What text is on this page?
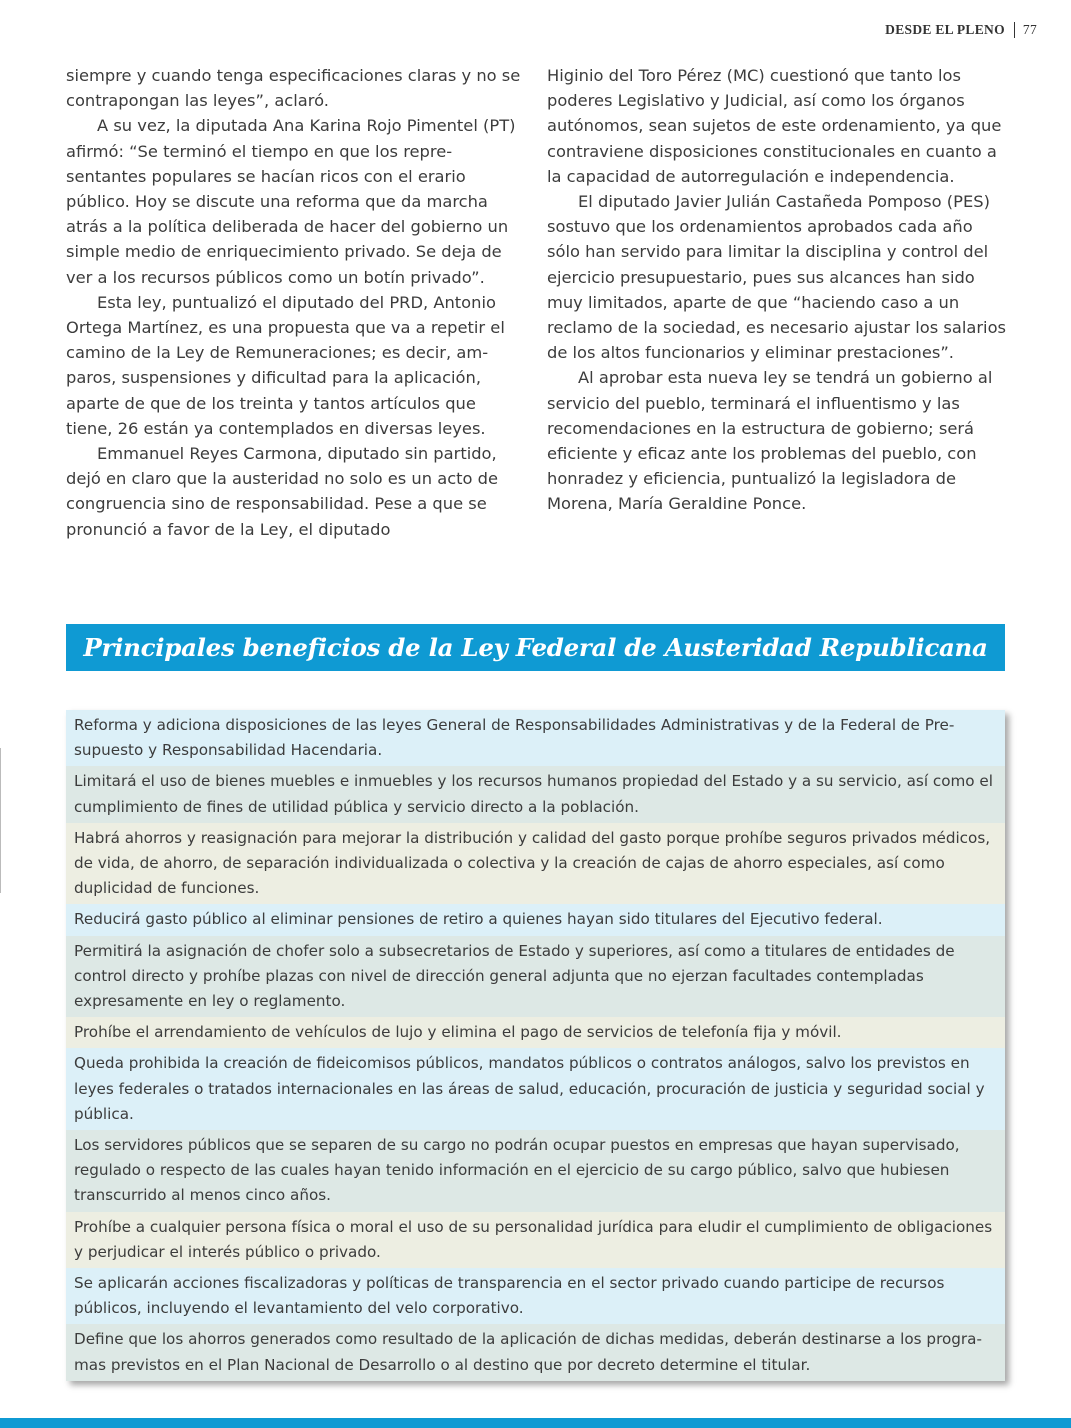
DESDE EL PLENO 77

siempre y cuando tenga especificaciones claras y no se contrapongan las leyes”, aclaró.

A su vez, la diputada Ana Karina Rojo Pimentel (PT) afirmó: “Se terminó el tiempo en que los representantes populares se hacían ricos con el erario público. Hoy se discute una reforma que da marcha atrás a la política deliberada de hacer del gobierno un simple medio de enriquecimiento privado. Se deja de ver a los recursos públicos como un botín privado”.

Esta ley, puntualizó el diputado del PRD, Antonio Ortega Martínez, es una propuesta que va a repetir el camino de la Ley de Remuneraciones; es decir, amparos, suspensiones y dificultad para la aplicación, aparte de que de los treinta y tantos artículos que tiene, 26 están ya contemplados en diversas leyes.

Emmanuel Reyes Carmona, diputado sin partido, dejó en claro que la austeridad no solo es un acto de congruencia sino de responsabilidad. Pese a que se pronunció a favor de la Ley, el diputado

Higinio del Toro Pérez (MC) cuestionó que tanto los poderes Legislativo y Judicial, así como los órganos autónomos, sean sujetos de este ordenamiento, ya que contraviene disposiciones constitucionales en cuanto a la capacidad de autorregulación e independencia.

El diputado Javier Julián Castañeda Pomposo (PES) sostuvo que los ordenamientos aprobados cada año sólo han servido para limitar la disciplina y control del ejercicio presupuestario, pues sus alcances han sido muy limitados, aparte de que “haciendo caso a un reclamo de la sociedad, es necesario ajustar los salarios de los altos funcionarios y eliminar prestaciones”.

Al aprobar esta nueva ley se tendrá un gobierno al servicio del pueblo, terminará el influentismo y las recomendaciones en la estructura de gobierno; será eficiente y eficaz ante los problemas del pueblo, con honradez y eficiencia, puntualizó la legisladora de Morena, María Geraldine Ponce.

Principales beneficios de la Ley Federal de Austeridad Republicana
Reforma y adiciona disposiciones de las leyes General de Responsabilidades Administrativas y de la Federal de Presupuesto y Responsabilidad Hacendaria.
Limitará el uso de bienes muebles e inmuebles y los recursos humanos propiedad del Estado y a su servicio, así como el cumplimiento de fines de utilidad pública y servicio directo a la población.
Habrá ahorros y reasignación para mejorar la distribución y calidad del gasto porque prohíbe seguros privados médicos, de vida, de ahorro, de separación individualizada o colectiva y la creación de cajas de ahorro especiales, así como duplicidad de funciones.
Reducirá gasto público al eliminar pensiones de retiro a quienes hayan sido titulares del Ejecutivo federal.
Permitirá la asignación de chofer solo a subsecretarios de Estado y superiores, así como a titulares de entidades de control directo y prohíbe plazas con nivel de dirección general adjunta que no ejerzan facultades contempladas expresamente en ley o reglamento.
Prohíbe el arrendamiento de vehículos de lujo y elimina el pago de servicios de telefonía fija y móvil.
Queda prohibida la creación de fideicomisos públicos, mandatos públicos o contratos análogos, salvo los previstos en leyes federales o tratados internacionales en las áreas de salud, educación, procuración de justicia y seguridad social y pública.
Los servidores públicos que se separen de su cargo no podrán ocupar puestos en empresas que hayan supervisado, regulado o respecto de las cuales hayan tenido información en el ejercicio de su cargo público, salvo que hubiesen transcurrido al menos cinco años.
Prohíbe a cualquier persona física o moral el uso de su personalidad jurídica para eludir el cumplimiento de obligaciones y perjudicar el interés público o privado.
Se aplicarán acciones fiscalizadoras y políticas de transparencia en el sector privado cuando participe de recursos públicos, incluyendo el levantamiento del velo corporativo.
Define que los ahorros generados como resultado de la aplicación de dichas medidas, deberán destinarse a los programas previstos en el Plan Nacional de Desarrollo o al destino que por decreto determine el titular.
